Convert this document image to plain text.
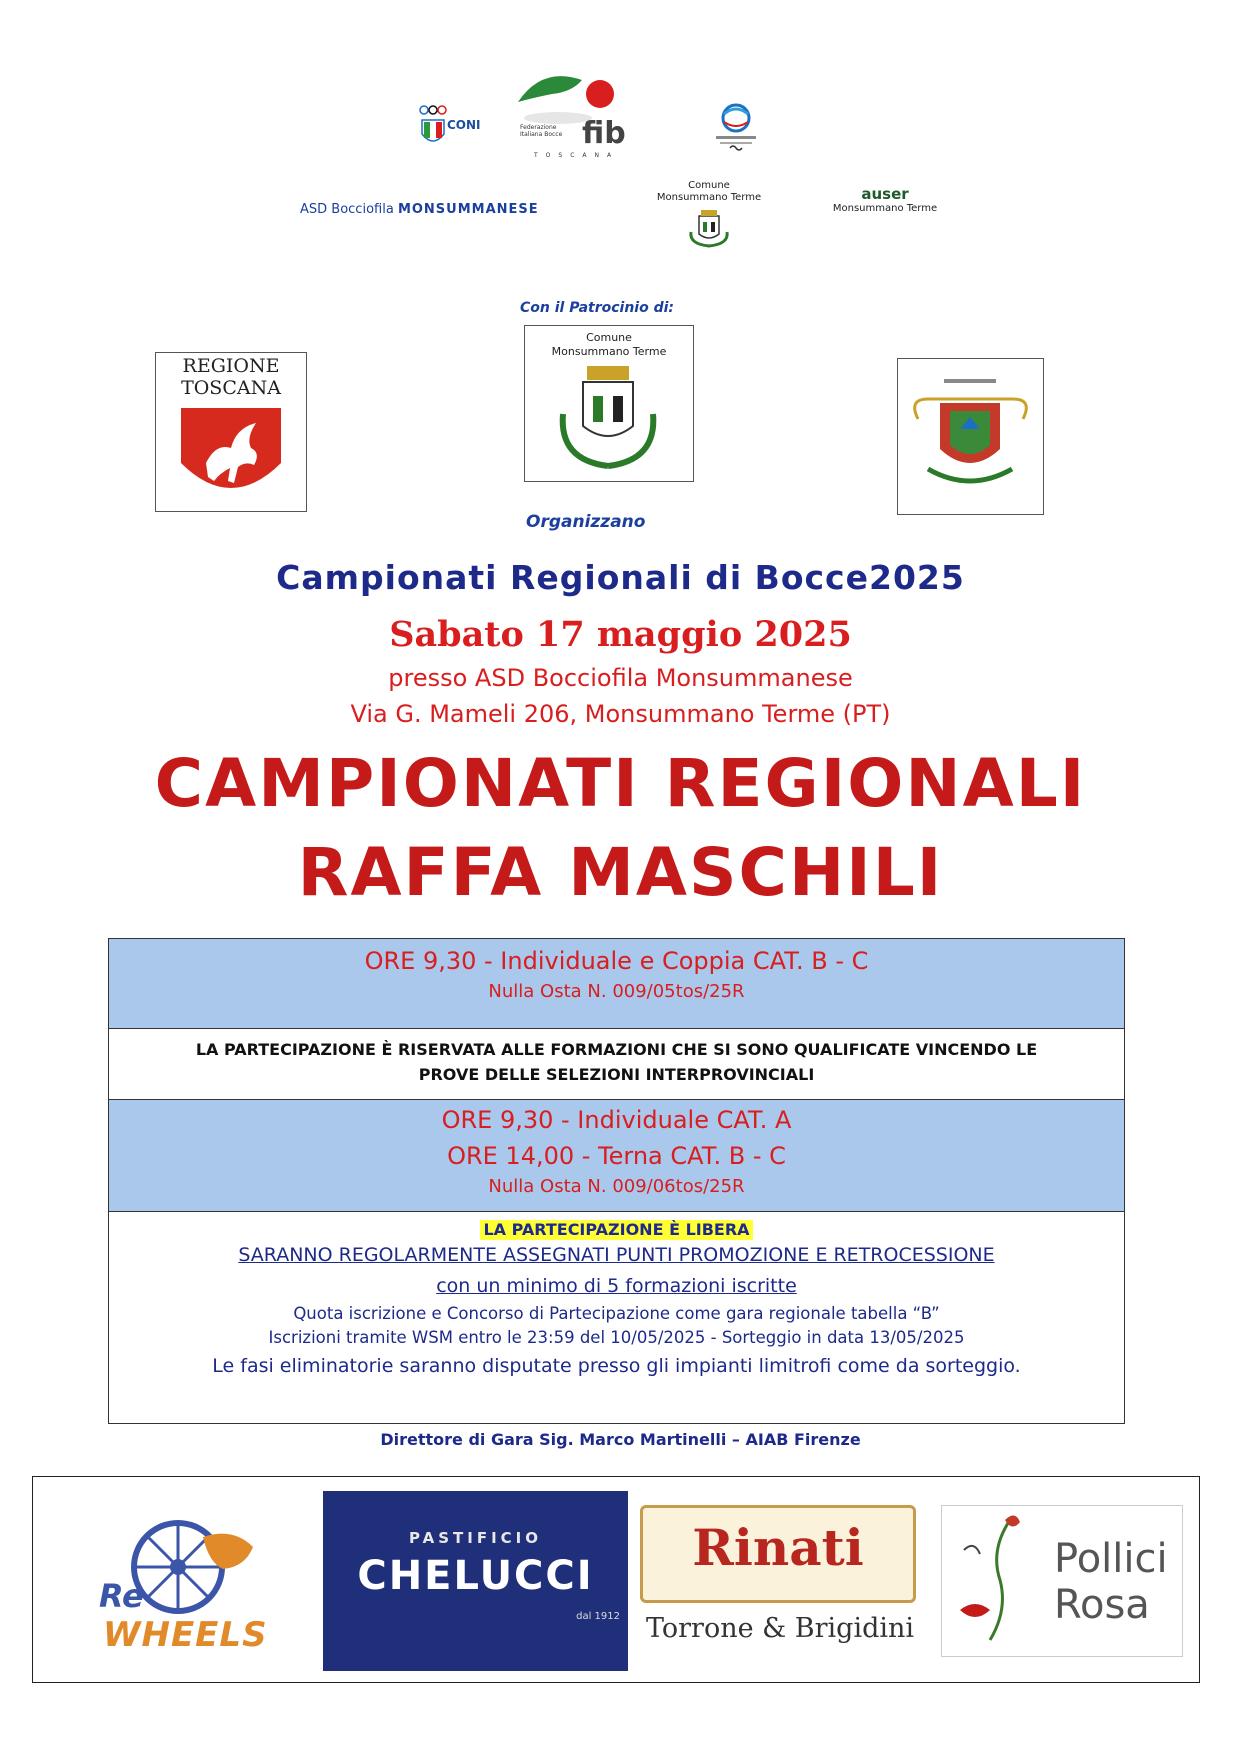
CONI	Federazione Italiana Bocce fib
TOSCANA
ASD Bocciofila MONSUMMANESE
Comune
Monsummano Terme	auser
Monsummano Terme
Con il Patrocinio di:
REGIONE
TOSCANA
Comune
Monsummano Terme
Organizzano
Campionati Regionali di Bocce2025
Sabato 17 maggio 2025
presso ASD Bocciofila Monsummanese
Via G. Mameli 206, Monsummano Terme (PT)
CAMPIONATI REGIONALI
RAFFA MASCHILI
ORE 9,30 - Individuale e Coppia CAT. B - C
Nulla Osta N. 009/05tos/25R
LA PARTECIPAZIONE È RISERVATA ALLE FORMAZIONI CHE SI SONO QUALIFICATE VINCENDO LE
PROVE DELLE SELEZIONI INTERPROVINCIALI
ORE 9,30 - Individuale CAT. A
ORE 14,00 - Terna CAT. B - C
Nulla Osta N. 009/06tos/25R
LA PARTECIPAZIONE È LIBERA
SARANNO REGOLARMENTE ASSEGNATI PUNTI PROMOZIONE E RETROCESSIONE
con un minimo di 5 formazioni iscritte
Quota iscrizione e Concorso di Partecipazione come gara regionale tabella “B”
Iscrizioni tramite WSM entro le 23:59 del 10/05/2025 - Sorteggio in data 13/05/2025
Le fasi eliminatorie saranno disputate presso gli impianti limitrofi come da sorteggio.
Direttore di Gara Sig. Marco Martinelli – AIAB Firenze
Re
WHEELS
PASTIFICIO
CHELUCCI
dal 1912
Rinati
Torrone & Brigidini
Pollici
Rosa
